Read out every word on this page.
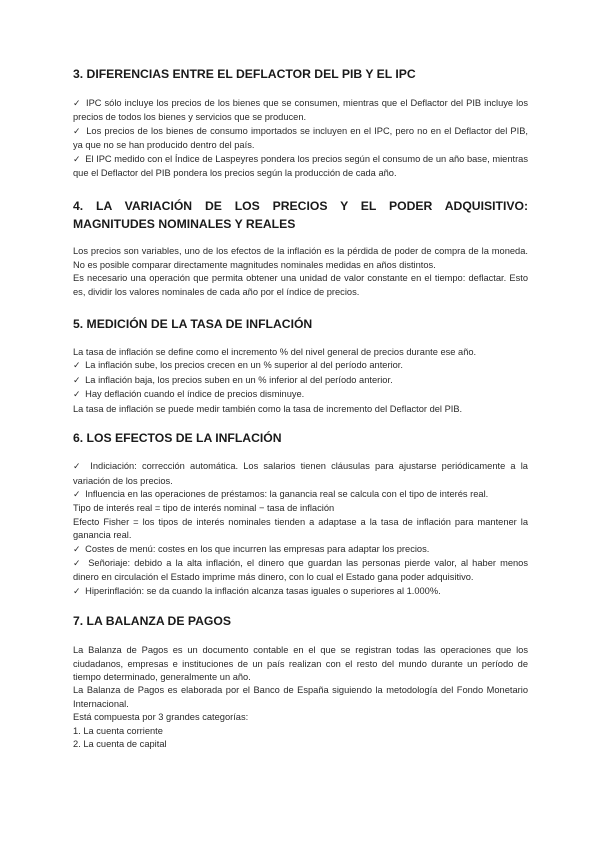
3. DIFERENCIAS ENTRE EL DEFLACTOR DEL PIB Y EL IPC

✓ IPC sólo incluye los precios de los bienes que se consumen, mientras que el Deflactor del PIB incluye los precios de todos los bienes y servicios que se producen.

✓ Los precios de los bienes de consumo importados se incluyen en el IPC, pero no en el Deflactor del PIB, ya que no se han producido dentro del país.

✓ El IPC medido con el Índice de Laspeyres pondera los precios según el consumo de un año base, mientras que el Deflactor del PIB pondera los precios según la producción de cada año.

4. LA VARIACIÓN DE LOS PRECIOS Y EL PODER ADQUISITIVO: MAGNITUDES NOMINALES Y REALES

Los precios son variables, uno de los efectos de la inflación es la pérdida de poder de compra de la moneda. No es posible comparar directamente magnitudes nominales medidas en años distintos.

Es necesario una operación que permita obtener una unidad de valor constante en el tiempo: deflactar. Esto es, dividir los valores nominales de cada año por el índice de precios.

5. MEDICIÓN DE LA TASA DE INFLACIÓN

La tasa de inflación se define como el incremento % del nivel general de precios durante ese año.

✓ La inflación sube, los precios crecen en un % superior al del período anterior.

✓ La inflación baja, los precios suben en un % inferior al del período anterior.

✓ Hay deflación cuando el índice de precios disminuye.

La tasa de inflación se puede medir también como la tasa de incremento del Deflactor del PIB.

6. LOS EFECTOS DE LA INFLACIÓN

✓ Indiciación: corrección automática. Los salarios tienen cláusulas para ajustarse periódicamente a la variación de los precios.

✓ Influencia en las operaciones de préstamos: la ganancia real se calcula con el tipo de interés real.

Tipo de interés real = tipo de interés nominal − tasa de inflación

Efecto Fisher = los tipos de interés nominales tienden a adaptase a la tasa de inflación para mantener la ganancia real.

✓ Costes de menú: costes en los que incurren las empresas para adaptar los precios.

✓ Señoriaje: debido a la alta inflación, el dinero que guardan las personas pierde valor, al haber menos dinero en circulación el Estado imprime más dinero, con lo cual el Estado gana poder adquisitivo.

✓ Hiperinflación: se da cuando la inflación alcanza tasas iguales o superiores al 1.000%.

7. LA BALANZA DE PAGOS

La Balanza de Pagos es un documento contable en el que se registran todas las operaciones que los ciudadanos, empresas e instituciones de un país realizan con el resto del mundo durante un período de tiempo determinado, generalmente un año.

La Balanza de Pagos es elaborada por el Banco de España siguiendo la metodología del Fondo Monetario Internacional.

Está compuesta por 3 grandes categorías:

1. La cuenta corriente

2. La cuenta de capital
